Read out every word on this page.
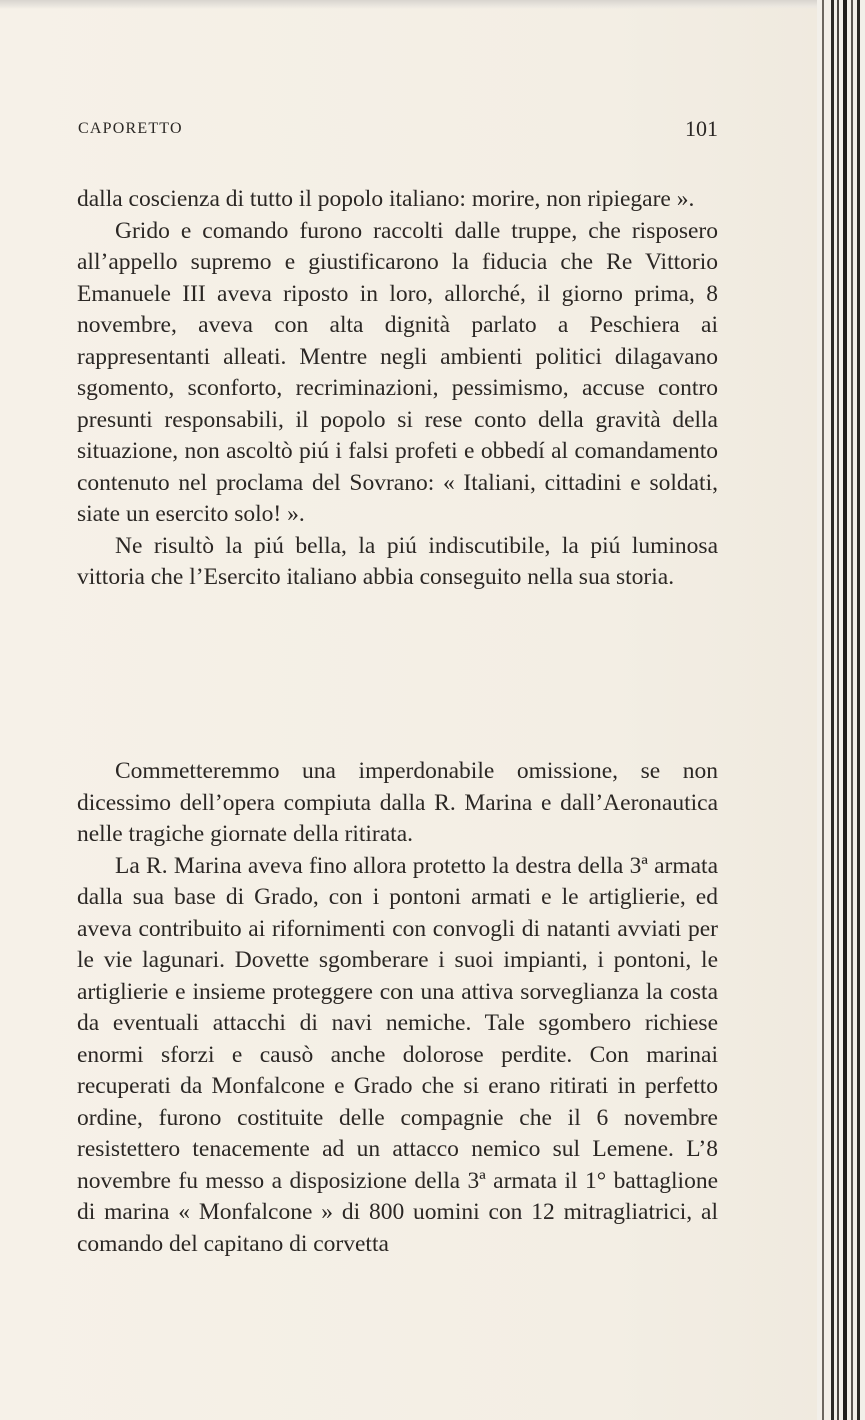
CAPORETTO	101

dalla coscienza di tutto il popolo italiano: morire, non ripiegare ».

Grido e comando furono raccolti dalle truppe, che risposero all’appello supremo e giustificarono la fiducia che Re Vittorio Emanuele III aveva riposto in loro, allorché, il giorno prima, 8 novembre, aveva con alta dignità parlato a Peschiera ai rappresentanti alleati. Mentre negli ambienti politici dilagavano sgomento, sconforto, recriminazioni, pessimismo, accuse contro presunti responsabili, il popolo si rese conto della gravità della situazione, non ascoltò piú i falsi profeti e obbedí al comandamento contenuto nel proclama del Sovrano: « Italiani, cittadini e soldati, siate un esercito solo! ».

Ne risultò la piú bella, la piú indiscutibile, la piú luminosa vittoria che l’Esercito italiano abbia conseguito nella sua storia.

Commetteremmo una imperdonabile omissione, se non dicessimo dell’opera compiuta dalla R. Marina e dall’Aeronautica nelle tragiche giornate della ritirata.

La R. Marina aveva fino allora protetto la destra della 3ª armata dalla sua base di Grado, con i pontoni armati e le artiglierie, ed aveva contribuito ai rifornimenti con convogli di natanti avviati per le vie lagunari. Dovette sgomberare i suoi impianti, i pontoni, le artiglierie e insieme proteggere con una attiva sorveglianza la costa da eventuali attacchi di navi nemiche. Tale sgombero richiese enormi sforzi e causò anche dolorose perdite. Con marinai recuperati da Monfalcone e Grado che si erano ritirati in perfetto ordine, furono costituite delle compagnie che il 6 novembre resistettero tenacemente ad un attacco nemico sul Lemene. L’8 novembre fu messo a disposizione della 3ª armata il 1° battaglione di marina « Monfalcone » di 800 uomini con 12 mitragliatrici, al comando del capitano di corvetta
